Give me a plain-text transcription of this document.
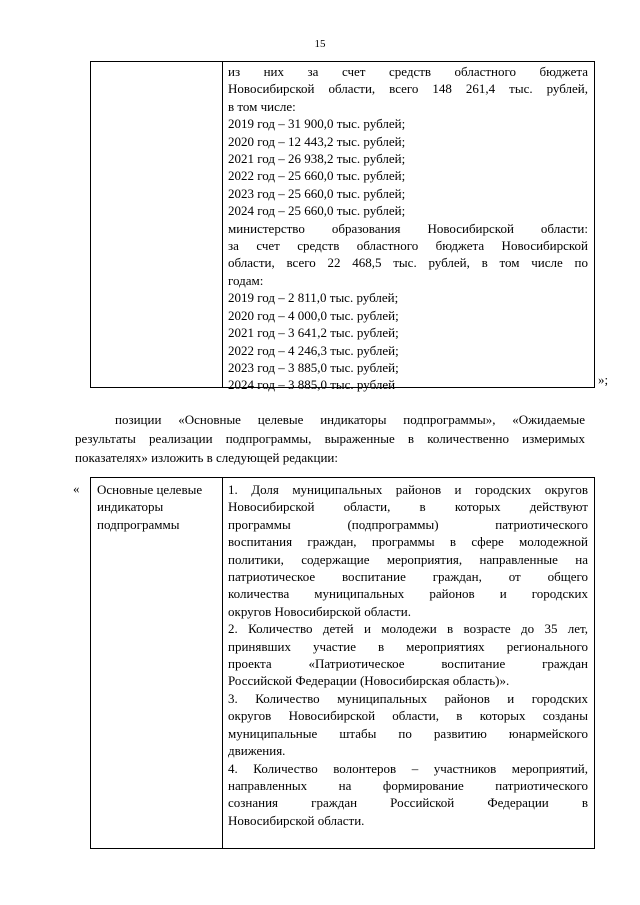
15
из них за счет средств областного бюджета
Новосибирской области, всего 148 261,4 тыс. рублей,
в том числе:
2019 год – 31 900,0 тыс. рублей;
2020 год – 12 443,2 тыс. рублей;
2021 год – 26 938,2 тыс. рублей;
2022 год – 25 660,0 тыс. рублей;
2023 год – 25 660,0 тыс. рублей;
2024 год – 25 660,0 тыс. рублей;
министерство образования Новосибирской области:
за счет средств областного бюджета Новосибирской
области, всего 22 468,5 тыс. рублей, в том числе по
годам:
2019 год – 2 811,0 тыс. рублей;
2020 год – 4 000,0 тыс. рублей;
2021 год – 3 641,2 тыс. рублей;
2022 год – 4 246,3 тыс. рублей;
2023 год – 3 885,0 тыс. рублей;
2024 год – 3 885,0 тыс. рублей	»;
позиции «Основные целевые индикаторы подпрограммы», «Ожидаемые
результаты реализации подпрограммы, выраженные в количественно измеримых
показателях» изложить в следующей редакции:
« Основные целевые
индикаторы
подпрограммы
1. Доля муниципальных районов и городских округов
Новосибирской области, в которых действуют
программы (подпрограммы) патриотического
воспитания граждан, программы в сфере молодежной
политики, содержащие мероприятия, направленные на
патриотическое воспитание граждан, от общего
количества муниципальных районов и городских
округов Новосибирской области.
2. Количество детей и молодежи в возрасте до 35 лет,
принявших участие в мероприятиях регионального
проекта «Патриотическое воспитание граждан
Российской Федерации (Новосибирская область)».
3. Количество муниципальных районов и городских
округов Новосибирской области, в которых созданы
муниципальные штабы по развитию юнармейского
движения.
4. Количество волонтеров – участников мероприятий,
направленных на формирование патриотического
сознания граждан Российской Федерации в
Новосибирской области.
